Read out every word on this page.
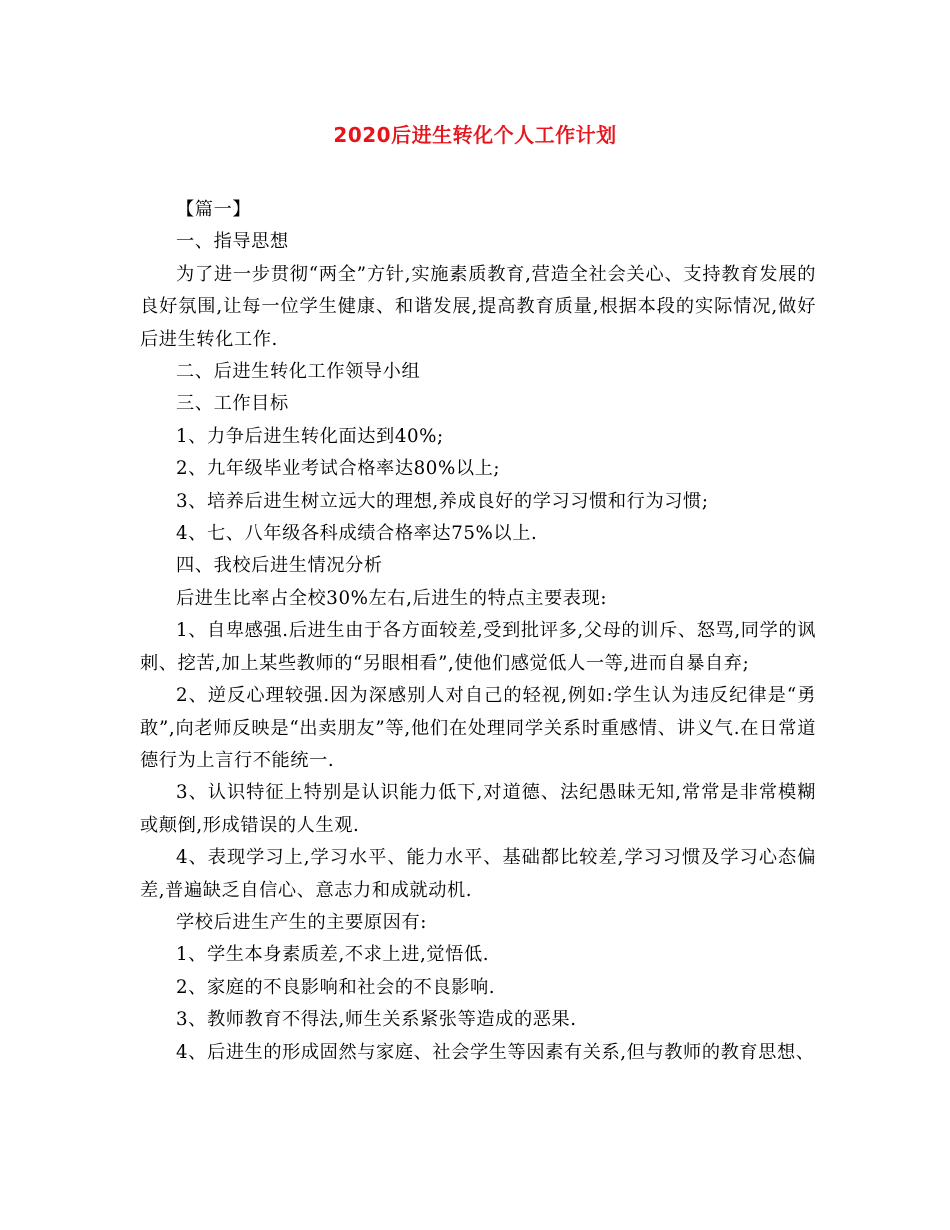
2020后进生转化个人工作计划

【篇一】

一、指导思想

为了进一步贯彻“两全”方针,实施素质教育,营造全社会关心、支持教育发展的良好氛围,让每一位学生健康、和谐发展,提高教育质量,根据本段的实际情况,做好后进生转化工作.

二、后进生转化工作领导小组

三、工作目标

1、力争后进生转化面达到40%;

2、九年级毕业考试合格率达80%以上;

3、培养后进生树立远大的理想,养成良好的学习习惯和行为习惯;

4、七、八年级各科成绩合格率达75%以上.

四、我校后进生情况分析

后进生比率占全校30%左右,后进生的特点主要表现:

1、自卑感强.后进生由于各方面较差,受到批评多,父母的训斥、怒骂,同学的讽刺、挖苦,加上某些教师的“另眼相看”,使他们感觉低人一等,进而自暴自弃;

2、逆反心理较强.因为深感别人对自己的轻视,例如:学生认为违反纪律是“勇敢”,向老师反映是“出卖朋友”等,他们在处理同学关系时重感情、讲义气.在日常道德行为上言行不能统一.

3、认识特征上特别是认识能力低下,对道德、法纪愚昧无知,常常是非常模糊或颠倒,形成错误的人生观.

4、表现学习上,学习水平、能力水平、基础都比较差,学习习惯及学习心态偏差,普遍缺乏自信心、意志力和成就动机.

学校后进生产生的主要原因有:

1、学生本身素质差,不求上进,觉悟低.

2、家庭的不良影响和社会的不良影响.

3、教师教育不得法,师生关系紧张等造成的恶果.

4、后进生的形成固然与家庭、社会学生等因素有关系,但与教师的教育思想、
